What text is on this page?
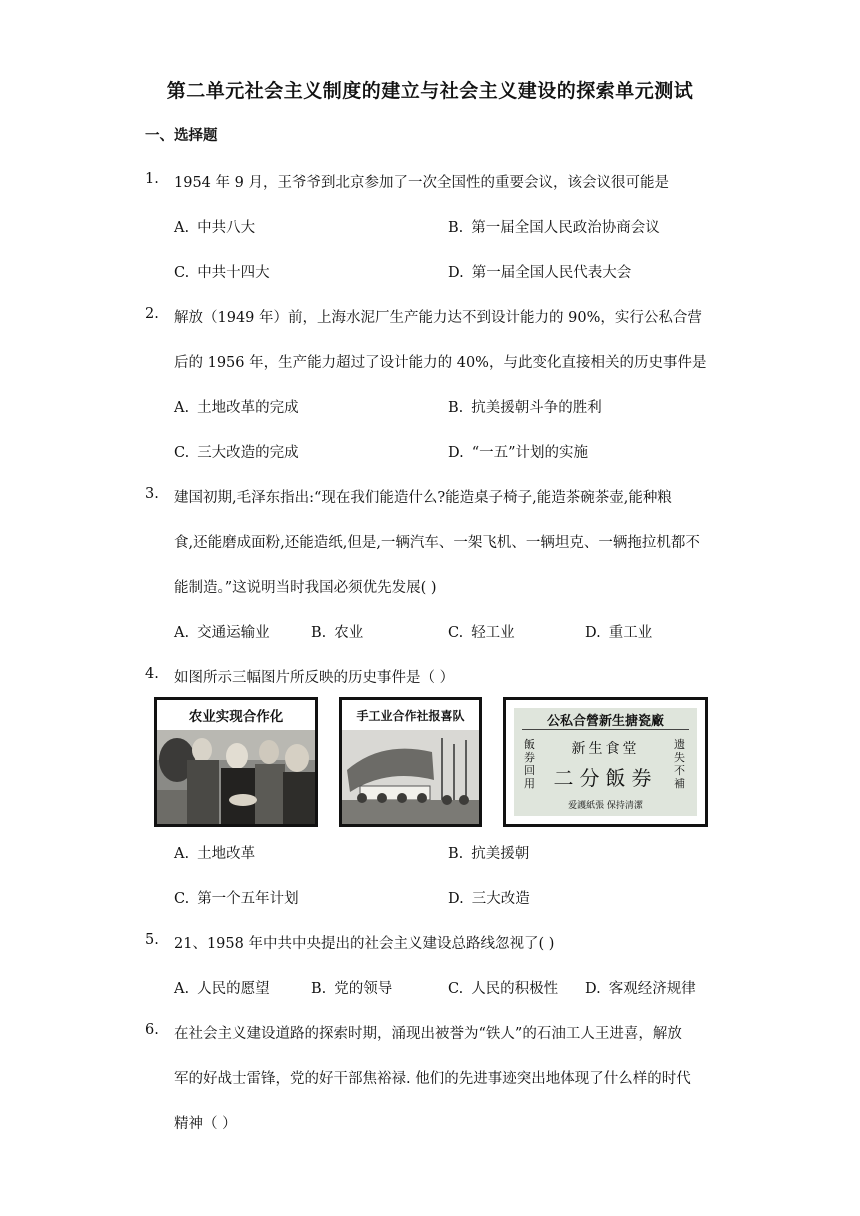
第二单元社会主义制度的建立与社会主义建设的探索单元测试
一、选择题
1. 1954 年 9 月，王爷爷到北京参加了一次全国性的重要会议，该会议很可能是
A. 中共八大	B. 第一届全国人民政治协商会议
C. 中共十四大	D. 第一届全国人民代表大会
2. 解放（1949 年）前，上海水泥厂生产能力达不到设计能力的 90%，实行公私合营
后的 1956 年，生产能力超过了设计能力的 40%，与此变化直接相关的历史事件是
A. 土地改革的完成	B. 抗美援朝斗争的胜利
C. 三大改造的完成	D. “一五”计划的实施
3. 建国初期,毛泽东指出:“现在我们能造什么?能造桌子椅子,能造茶碗茶壶,能种粮
食,还能磨成面粉,还能造纸,但是,一辆汽车、一架飞机、一辆坦克、一辆拖拉机都不
能制造。”这说明当时我国必须优先发展( )
A. 交通运输业	B. 农业	C. 轻工业	D. 重工业
4. 如图所示三幅图片所反映的历史事件是（ ）
农业实现合作化	手工业合作社报喜队	公私合營新生搪瓷廠
飯券回用
遗失不補
新生食堂
二分飯券
爱護紙張 保持清潔
A. 土地改革	B. 抗美援朝
C. 第一个五年计划	D. 三大改造
5. 21、1958 年中共中央提出的社会主义建设总路线忽视了( )
A. 人民的愿望	B. 党的领导	C. 人民的积极性 D. 客观经济规律
6. 在社会主义建设道路的探索时期，涌现出被誉为“铁人”的石油工人王进喜，解放
军的好战士雷锋，党的好干部焦裕禄. 他们的先进事迹突出地体现了什么样的时代
精神（ ）
